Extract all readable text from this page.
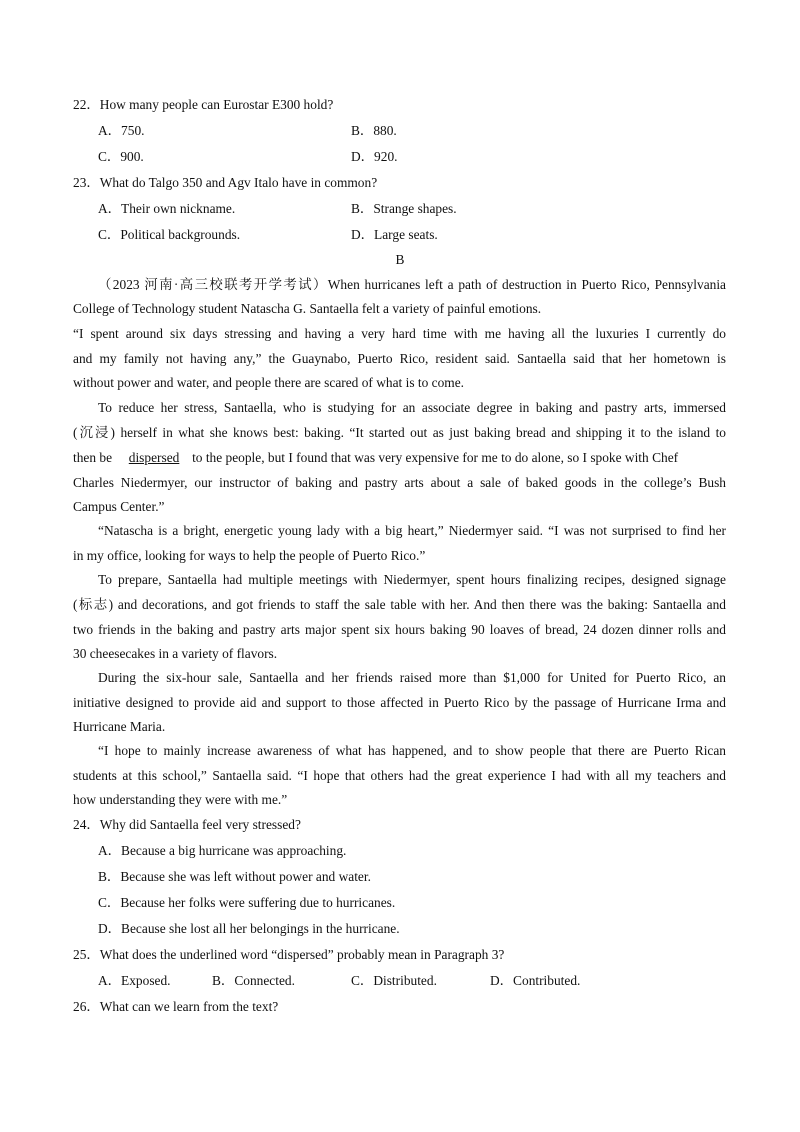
22．How many people can Eurostar E300 hold?
A．750.	B．880.
C．900.	D．920.
23．What do Talgo 350 and Agv Italo have in common?
A．Their own nickname.	B．Strange shapes.
C．Political backgrounds.	D．Large seats.
B
（2023 河南·高三校联考开学考试）When hurricanes left a path of destruction in Puerto Rico, Pennsylvania
College of Technology student Natascha G. Santaella felt a variety of painful emotions.
“I spent around six days stressing and having a very hard time with me having all the luxuries I currently do
and my family not having any,” the Guaynabo, Puerto Rico, resident said. Santaella said that her hometown is
without power and water, and people there are scared of what is to come.
To reduce her stress, Santaella, who is studying for an associate degree in baking and pastry arts, immersed
(沉浸) herself in what she knows best: baking. “It started out as just baking bread and shipping it to the island to
then be dispersed to the people, but I found that was very expensive for me to do alone, so I spoke with Chef
Charles Niedermyer, our instructor of baking and pastry arts about a sale of baked goods in the college’s Bush
Campus Center.”
“Natascha is a bright, energetic young lady with a big heart,” Niedermyer said. “I was not surprised to find her
in my office, looking for ways to help the people of Puerto Rico.”
To prepare, Santaella had multiple meetings with Niedermyer, spent hours finalizing recipes, designed signage
(标志) and decorations, and got friends to staff the sale table with her. And then there was the baking: Santaella and
two friends in the baking and pastry arts major spent six hours baking 90 loaves of bread, 24 dozen dinner rolls and
30 cheesecakes in a variety of flavors.
During the six-hour sale, Santaella and her friends raised more than $1,000 for United for Puerto Rico, an
initiative designed to provide aid and support to those affected in Puerto Rico by the passage of Hurricane Irma and
Hurricane Maria.
“I hope to mainly increase awareness of what has happened, and to show people that there are Puerto Rican
students at this school,” Santaella said. “I hope that others had the great experience I had with all my teachers and
how understanding they were with me.”
24．Why did Santaella feel very stressed?
A．Because a big hurricane was approaching.
B．Because she was left without power and water.
C．Because her folks were suffering due to hurricanes.
D．Because she lost all her belongings in the hurricane.
25．What does the underlined word “dispersed” probably mean in Paragraph 3?
A．Exposed.	B．Connected.	C．Distributed.	D．Contributed.
26．What can we learn from the text?
